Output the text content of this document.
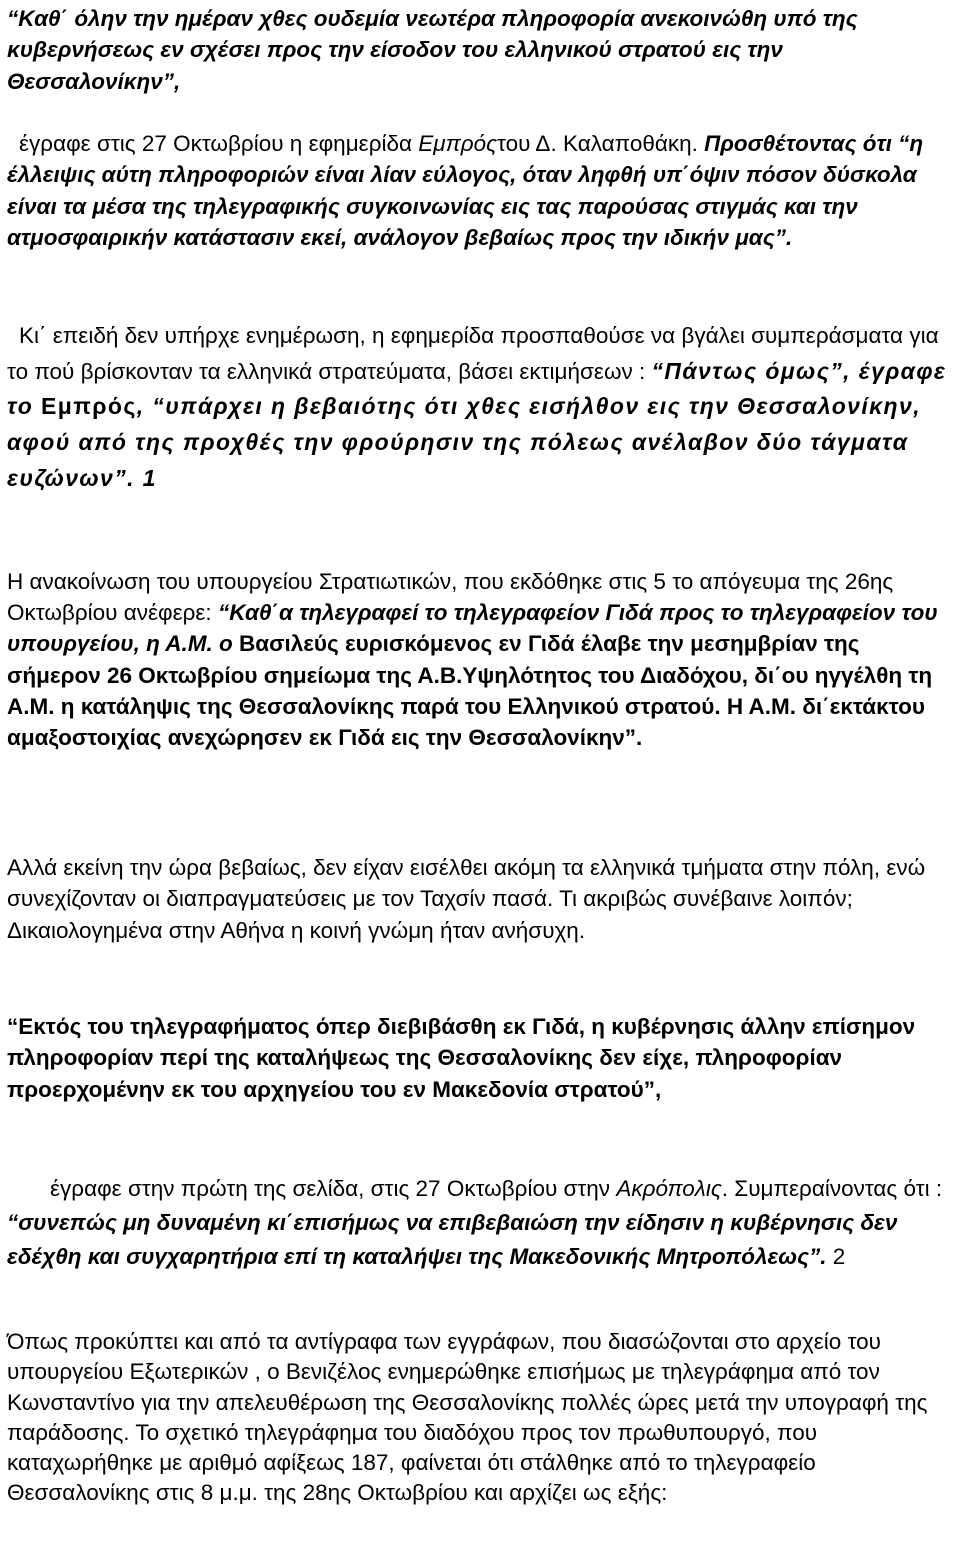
“Καθ΄ όλην την ημέραν χθες ουδεμία νεωτέρα πληροφορία ανεκοινώθη υπό της κυβερνήσεως εν σχέσει προς την είσοδον του ελληνικού στρατού εις την Θεσσαλονίκην”,

έγραφε στις 27 Οκτωβρίου η εφημερίδα Εμπρόςτου Δ. Καλαποθάκη. Προσθέτοντας ότι “η έλλειψις αύτη πληροφοριών είναι λίαν εύλογος, όταν ληφθή υπ΄όψιν πόσον δύσκολα είναι τα μέσα της τηλεγραφικής συγκοινωνίας εις τας παρούσας στιγμάς και την ατμοσφαιρικήν κατάστασιν εκεί, ανάλογον βεβαίως προς την ιδικήν μας”.

Κι΄ επειδή δεν υπήρχε ενημέρωση, η εφημερίδα προσπαθούσε να βγάλει συμπεράσματα για το πού βρίσκονταν τα ελληνικά στρατεύματα, βάσει εκτιμήσεων : “Πάντως όμως”, έγραφε το Εμπρός, “υπάρχει η βεβαιότης ότι χθες εισήλθον εις την Θεσσαλονίκην, αφού από της προχθές την φρούρησιν της πόλεως ανέλαβον δύο τάγματα ευζώνων”. 1

Η ανακοίνωση του υπουργείου Στρατιωτικών, που εκδόθηκε στις 5 το απόγευμα της 26ης Οκτωβρίου ανέφερε: “Καθ΄α τηλεγραφεί το τηλεγραφείον Γιδά προς το τηλεγραφείον του υπουργείου, η Α.Μ. ο Βασιλεύς ευρισκόμενος εν Γιδά έλαβε την μεσημβρίαν της σήμερον 26 Οκτωβρίου σημείωμα της Α.Β.Υψηλότητος του Διαδόχου, δι΄ου ηγγέλθη τη Α.Μ. η κατάληψις της Θεσσαλονίκης παρά του Ελληνικού στρατού. Η Α.Μ. δι΄εκτάκτου αμαξοστοιχίας ανεχώρησεν εκ Γιδά εις την Θεσσαλονίκην”.

Αλλά εκείνη την ώρα βεβαίως, δεν είχαν εισέλθει ακόμη τα ελληνικά τμήματα στην πόλη, ενώ συνεχίζονταν οι διαπραγματεύσεις με τον Ταχσίν πασά. Τι ακριβώς συνέβαινε λοιπόν; Δικαιολογημένα στην Αθήνα η κοινή γνώμη ήταν ανήσυχη.

“Εκτός του τηλεγραφήματος όπερ διεβιβάσθη εκ Γιδά, η κυβέρνησις άλλην επίσημον πληροφορίαν περί της καταλήψεως της Θεσσαλονίκης δεν είχε, πληροφορίαν προερχομένην εκ του αρχηγείου του εν Μακεδονία στρατού”,

έγραφε στην πρώτη της σελίδα, στις 27 Οκτωβρίου στην Ακρόπολις. Συμπεραίνοντας ότι : “συνεπώς μη δυναμένη κι΄επισήμως να επιβεβαιώση την είδησιν η κυβέρνησις δεν εδέχθη και συγχαρητήρια επί τη καταλήψει της Μακεδονικής Μητροπόλεως”. 2

Όπως προκύπτει και από τα αντίγραφα των εγγράφων, που διασώζονται στο αρχείο του υπουργείου Εξωτερικών , ο Βενιζέλος ενημερώθηκε επισήμως με τηλεγράφημα από τον Κωνσταντίνο για την απελευθέρωση της Θεσσαλονίκης πολλές ώρες μετά την υπογραφή της παράδοσης. Το σχετικό τηλεγράφημα του διαδόχου προς τον πρωθυπουργό, που καταχωρήθηκε με αριθμό αφίξεως 187, φαίνεται ότι στάλθηκε από το τηλεγραφείο Θεσσαλονίκης στις 8 μ.μ. της 28ης Οκτωβρίου και αρχίζει ως εξής:
